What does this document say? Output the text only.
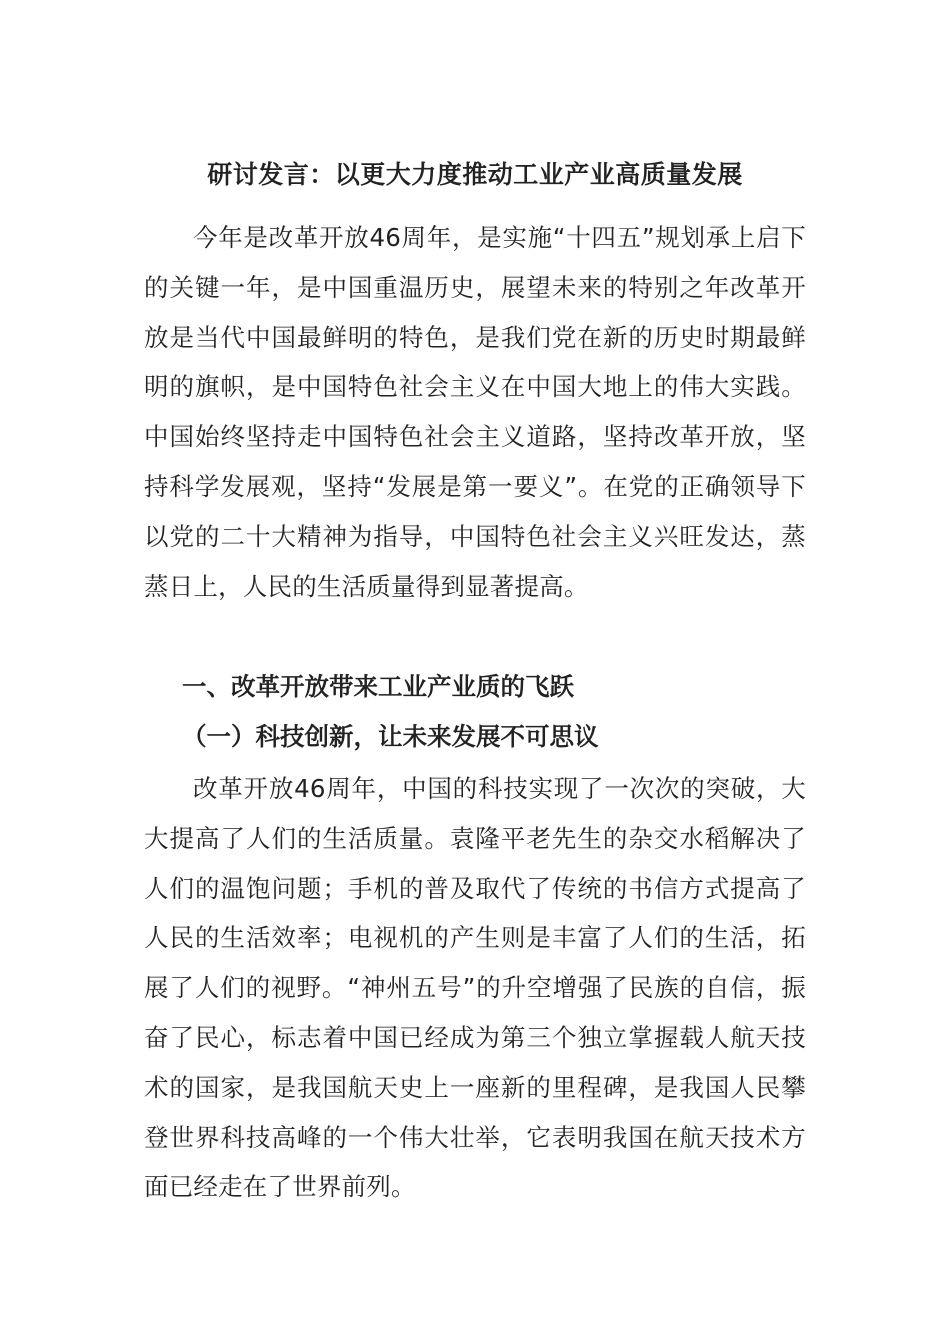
研讨发言：以更大力度推动工业产业高质量发展
今年是改革开放46周年，是实施“十四五”规划承上启下的关键一年，是中国重温历史，展望未来的特别之年改革开放是当代中国最鲜明的特色，是我们党在新的历史时期最鲜明的旗帜，是中国特色社会主义在中国大地上的伟大实践。中国始终坚持走中国特色社会主义道路，坚持改革开放，坚持科学发展观，坚持“发展是第一要义”。在党的正确领导下以党的二十大精神为指导，中国特色社会主义兴旺发达，蒸蒸日上，人民的生活质量得到显著提高。
一、改革开放带来工业产业质的飞跃
（一）科技创新，让未来发展不可思议
改革开放46周年，中国的科技实现了一次次的突破，大大提高了人们的生活质量。袁隆平老先生的杂交水稻解决了人们的温饱问题；手机的普及取代了传统的书信方式提高了人民的生活效率；电视机的产生则是丰富了人们的生活，拓展了人们的视野。“神州五号”的升空增强了民族的自信，振奋了民心，标志着中国已经成为第三个独立掌握载人航天技术的国家，是我国航天史上一座新的里程碑，是我国人民攀登世界科技高峰的一个伟大壮举，它表明我国在航天技术方面已经走在了世界前列。
